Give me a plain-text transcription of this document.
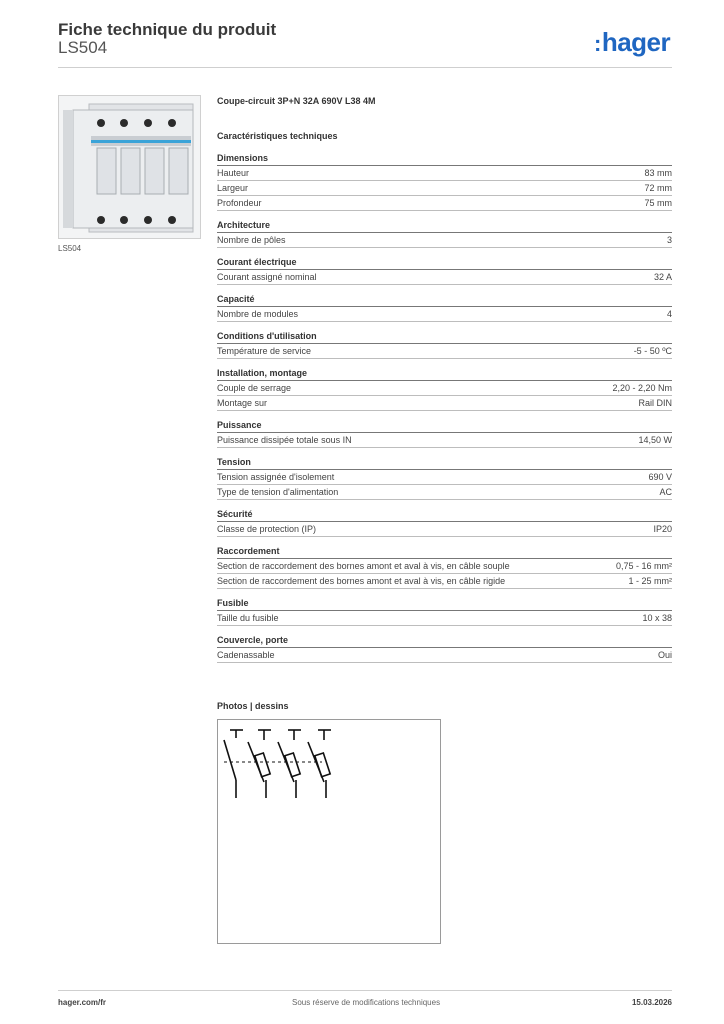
Fiche technique du produit
LS504	:hager
LS504
Coupe-circuit 3P+N 32A 690V L38 4M
Caractéristiques techniques
Dimensions
Hauteur	83 mm
Largeur	72 mm
Profondeur	75 mm
Architecture
Nombre de pôles	3
Courant électrique
Courant assigné nominal	32 A
Capacité
Nombre de modules	4
Conditions d'utilisation
Température de service	-5 - 50 ºC
Installation, montage
Couple de serrage	2,20 - 2,20 Nm
Montage sur	Rail DIN
Puissance
Puissance dissipée totale sous IN	14,50 W
Tension
Tension assignée d'isolement	690 V
Type de tension d'alimentation	AC
Sécurité
Classe de protection (IP)	IP20
Raccordement
Section de raccordement des bornes amont et aval à vis, en câble souple	0,75 - 16 mm²
Section de raccordement des bornes amont et aval à vis, en câble rigide	1 - 25 mm²
Fusible
Taille du fusible	10 x 38
Couvercle, porte
Cadenassable	Oui
Photos | dessins
hager.com/fr	Sous réserve de modifications techniques	15.03.2026
